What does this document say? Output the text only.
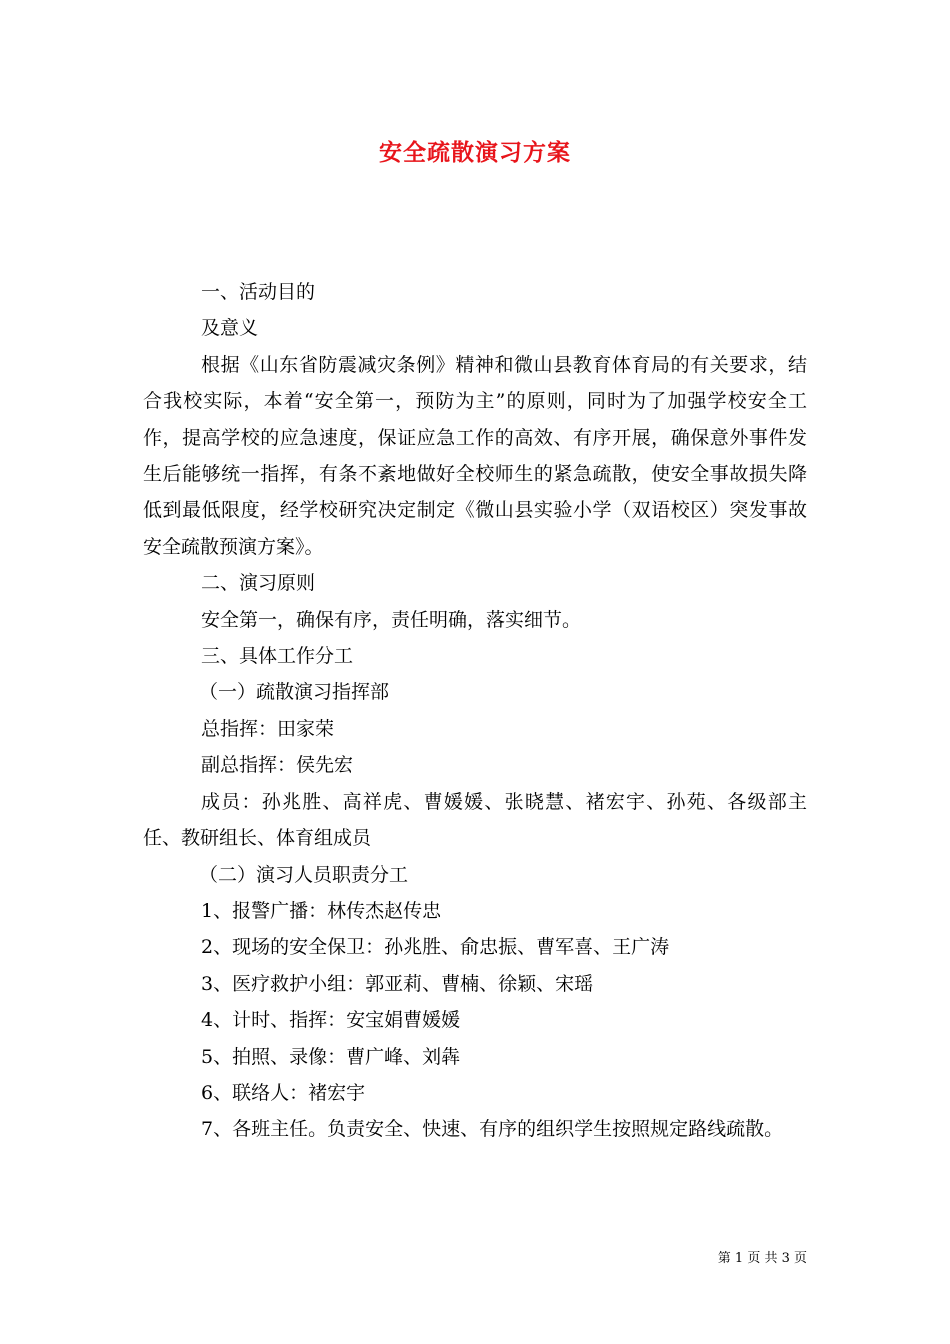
安全疏散演习方案

一、活动目的

及意义

根据《山东省防震减灾条例》精神和微山县教育体育局的有关要求，结合我校实际，本着“安全第一，预防为主”的原则，同时为了加强学校安全工作，提高学校的应急速度，保证应急工作的高效、有序开展，确保意外事件发生后能够统一指挥，有条不紊地做好全校师生的紧急疏散，使安全事故损失降低到最低限度，经学校研究决定制定《微山县实验小学（双语校区）突发事故安全疏散预演方案》。

二、演习原则

安全第一，确保有序，责任明确，落实细节。

三、具体工作分工

（一）疏散演习指挥部

总指挥：田家荣

副总指挥：侯先宏

成员：孙兆胜、高祥虎、曹媛媛、张晓慧、褚宏宇、孙苑、各级部主任、教研组长、体育组成员

（二）演习人员职责分工

1、报警广播：林传杰赵传忠

2、现场的安全保卫：孙兆胜、俞忠振、曹军喜、王广涛

3、医疗救护小组：郭亚莉、曹楠、徐颖、宋瑶

4、计时、指挥：安宝娟曹媛媛

5、拍照、录像：曹广峰、刘犇

6、联络人：褚宏宇

7、各班主任。负责安全、快速、有序的组织学生按照规定路线疏散。

第 1 页 共 3 页
